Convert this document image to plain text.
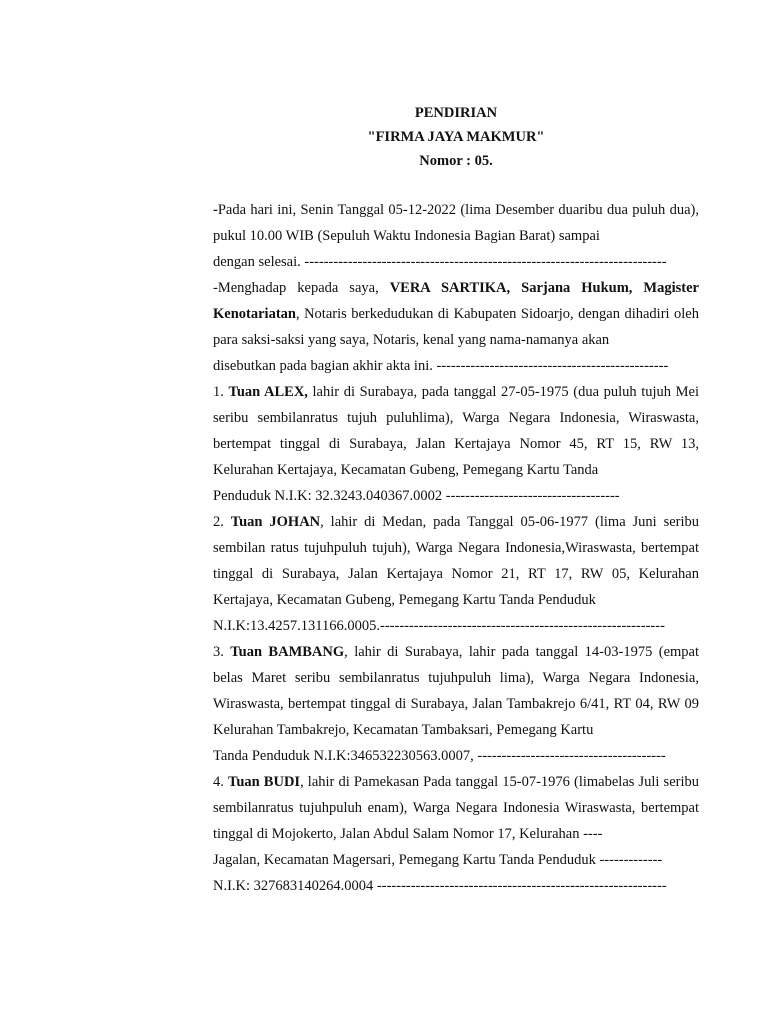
PENDIRIAN
"FIRMA JAYA MAKMUR"
Nomor : 05.

-Pada hari ini, Senin Tanggal 05-12-2022 (lima Desember duaribu dua puluh dua), pukul 10.00 WIB (Sepuluh Waktu Indonesia Bagian Barat) sampai
dengan selesai. ---------------------------------------------------------------------------

-Menghadap kepada saya, VERA SARTIKA, Sarjana Hukum, Magister Kenotariatan, Notaris berkedudukan di Kabupaten Sidoarjo, dengan dihadiri oleh para saksi-saksi yang saya, Notaris, kenal yang nama-namanya akan
disebutkan pada bagian akhir akta ini. ------------------------------------------------

1. Tuan ALEX, lahir di Surabaya, pada tanggal 27-05-1975 (dua puluh tujuh Mei seribu sembilanratus tujuh puluhlima), Warga Negara Indonesia, Wiraswasta, bertempat tinggal di Surabaya, Jalan Kertajaya Nomor 45, RT 15, RW 13, Kelurahan Kertajaya, Kecamatan Gubeng, Pemegang Kartu Tanda
Penduduk N.I.K: 32.3243.040367.0002 ------------------------------------

2. Tuan JOHAN, lahir di Medan, pada Tanggal 05-06-1977 (lima Juni seribu sembilan ratus tujuhpuluh tujuh), Warga Negara Indonesia,Wiraswasta, bertempat tinggal di Surabaya, Jalan Kertajaya Nomor 21, RT 17, RW 05, Kelurahan Kertajaya, Kecamatan Gubeng, Pemegang Kartu Tanda Penduduk
N.I.K:13.4257.131166.0005.-----------------------------------------------------------

3. Tuan BAMBANG, lahir di Surabaya, lahir pada tanggal 14-03-1975 (empat belas Maret seribu sembilanratus tujuhpuluh lima), Warga Negara Indonesia, Wiraswasta, bertempat tinggal di Surabaya, Jalan Tambakrejo 6/41, RT 04, RW 09 Kelurahan Tambakrejo, Kecamatan Tambaksari, Pemegang Kartu
Tanda Penduduk N.I.K:346532230563.0007, ---------------------------------------

4. Tuan BUDI, lahir di Pamekasan Pada tanggal 15-07-1976 (limabelas Juli seribu sembilanratus tujuhpuluh enam), Warga Negara Indonesia Wiraswasta, bertempat tinggal di Mojokerto, Jalan Abdul Salam Nomor 17, Kelurahan ----
Jagalan, Kecamatan Magersari, Pemegang Kartu Tanda Penduduk -------------
N.I.K: 327683140264.0004 ------------------------------------------------------------
